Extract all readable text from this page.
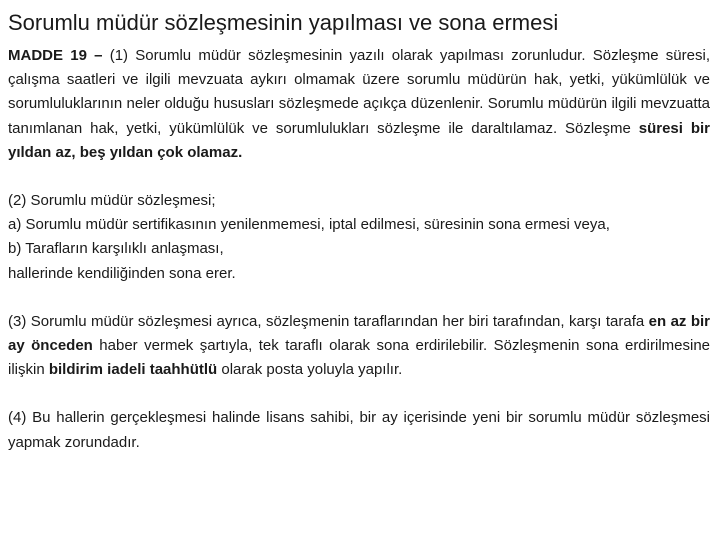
Sorumlu müdür sözleşmesinin yapılması ve sona ermesi

MADDE 19 – (1) Sorumlu müdür sözleşmesinin yazılı olarak yapılması zorunludur. Sözleşme süresi, çalışma saatleri ve ilgili mevzuata aykırı olmamak üzere sorumlu müdürün hak, yetki, yükümlülük ve sorumluluklarının neler olduğu hususları sözleşmede açıkça düzenlenir. Sorumlu müdürün ilgili mevzuatta tanımlanan hak, yetki, yükümlülük ve sorumlulukları sözleşme ile daraltılamaz. Sözleşme süresi bir yıldan az, beş yıldan çok olamaz.

(2) Sorumlu müdür sözleşmesi;
a) Sorumlu müdür sertifikasının yenilenmemesi, iptal edilmesi, süresinin sona ermesi veya,
b) Tarafların karşılıklı anlaşması,
hallerinde kendiliğinden sona erer.

(3) Sorumlu müdür sözleşmesi ayrıca, sözleşmenin taraflarından her biri tarafından, karşı tarafa en az bir ay önceden haber vermek şartıyla, tek taraflı olarak sona erdirilebilir. Sözleşmenin sona erdirilmesine ilişkin bildirim iadeli taahhütlü olarak posta yoluyla yapılır.

(4) Bu hallerin gerçekleşmesi halinde lisans sahibi, bir ay içerisinde yeni bir sorumlu müdür sözleşmesi yapmak zorundadır.
